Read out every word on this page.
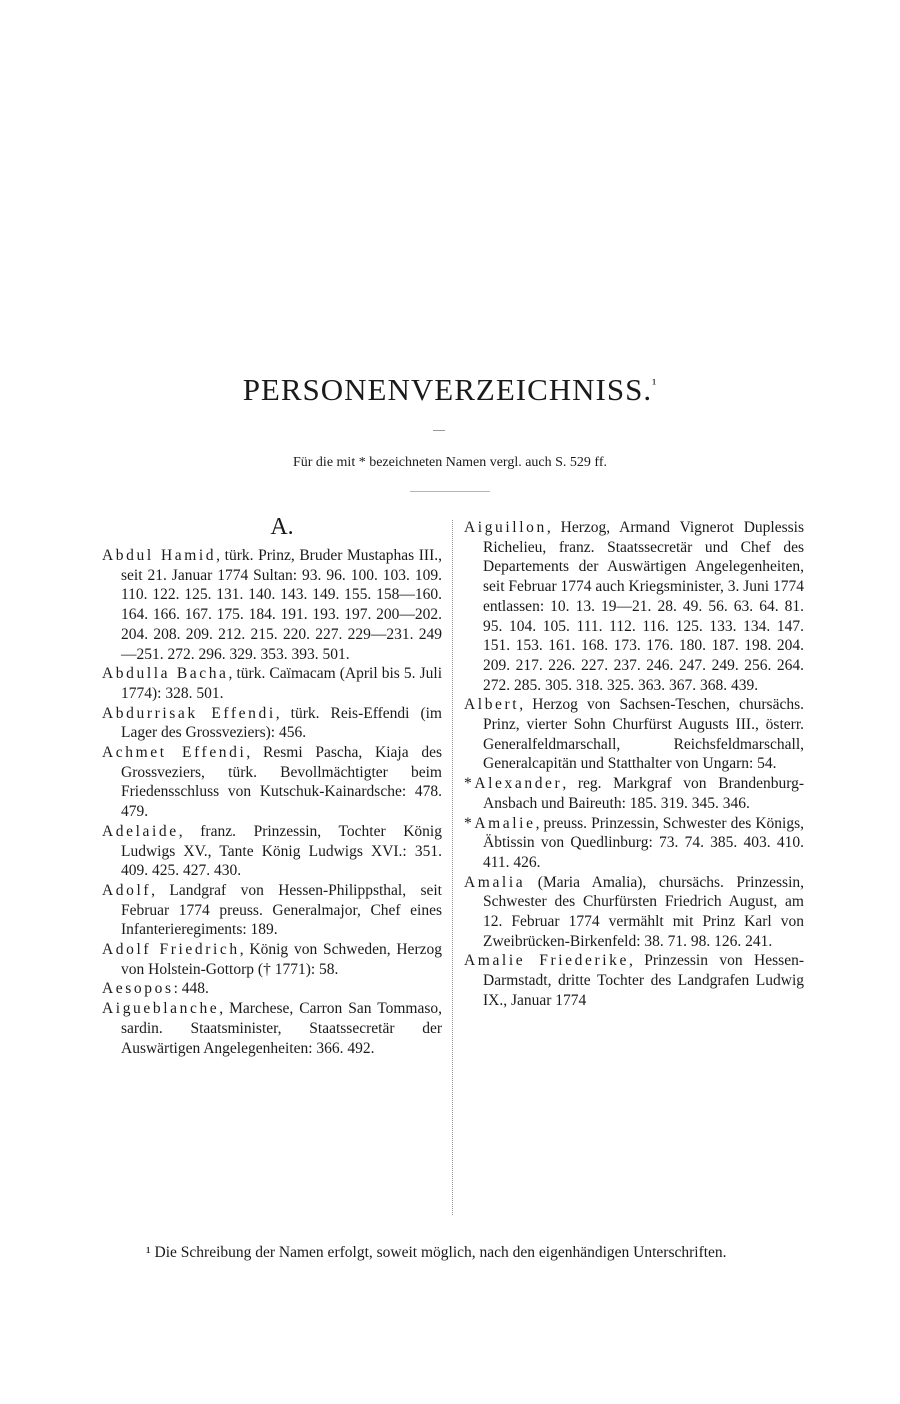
PERSONENVERZEICHNISS.$^{^1}$
Für die mit * bezeichneten Namen vergl. auch S. 529 ff.
A.

Abdul Hamid, türk. Prinz, Bruder Mustaphas III., seit 21. Januar 1774 Sultan: 93. 96. 100. 103. 109. 110. 122. 125. 131. 140. 143. 149. 155. 158—160. 164. 166. 167. 175. 184. 191. 193. 197. 200—202. 204. 208. 209. 212. 215. 220. 227. 229—231. 249—251. 272. 296. 329. 353. 393. 501.

Abdulla Bacha, türk. Caïmacam (April bis 5. Juli 1774): 328. 501.

Abdurrisak Effendi, türk. Reis-Effendi (im Lager des Grossveziers): 456.

Achmet Effendi, Resmi Pascha, Kiaja des Grossveziers, türk. Bevollmächtigter beim Friedensschluss von Kutschuk-Kainardsche: 478. 479.

Adelaide, franz. Prinzessin, Tochter König Ludwigs XV., Tante König Ludwigs XVI.: 351. 409. 425. 427. 430.

Adolf, Landgraf von Hessen-Philippsthal, seit Februar 1774 preuss. Generalmajor, Chef eines Infanterieregiments: 189.

Adolf Friedrich, König von Schweden, Herzog von Holstein-Gottorp († 1771): 58.

Aesopos: 448.

Aigueblanche, Marchese, Carron San Tommaso, sardin. Staatsminister, Staatssecretär der Auswärtigen Angelegenheiten: 366. 492.

Aiguillon, Herzog, Armand Vignerot Duplessis Richelieu, franz. Staatssecretär und Chef des Departements der Auswärtigen Angelegenheiten, seit Februar 1774 auch Kriegsminister, 3. Juni 1774 entlassen: 10. 13. 19—21. 28. 49. 56. 63. 64. 81. 95. 104. 105. 111. 112. 116. 125. 133. 134. 147. 151. 153. 161. 168. 173. 176. 180. 187. 198. 204. 209. 217. 226. 227. 237. 246. 247. 249. 256. 264. 272. 285. 305. 318. 325. 363. 367. 368. 439.

Albert, Herzog von Sachsen-Teschen, chursächs. Prinz, vierter Sohn Churfürst Augusts III., österr. Generalfeldmarschall, Reichsfeldmarschall, Generalcapitän und Statthalter von Ungarn: 54.

*Alexander, reg. Markgraf von Brandenburg-Ansbach und Baireuth: 185. 319. 345. 346.

*Amalie, preuss. Prinzessin, Schwester des Königs, Äbtissin von Quedlinburg: 73. 74. 385. 403. 410. 411. 426.

Amalia (Maria Amalia), chursächs. Prinzessin, Schwester des Churfürsten Friedrich August, am 12. Februar 1774 vermählt mit Prinz Karl von Zweibrücken-Birkenfeld: 38. 71. 98. 126. 241.

Amalie Friederike, Prinzessin von Hessen-Darmstadt, dritte Tochter des Landgrafen Ludwig IX., Januar 1774

¹ Die Schreibung der Namen erfolgt, soweit möglich, nach den eigenhändigen Unterschriften.
